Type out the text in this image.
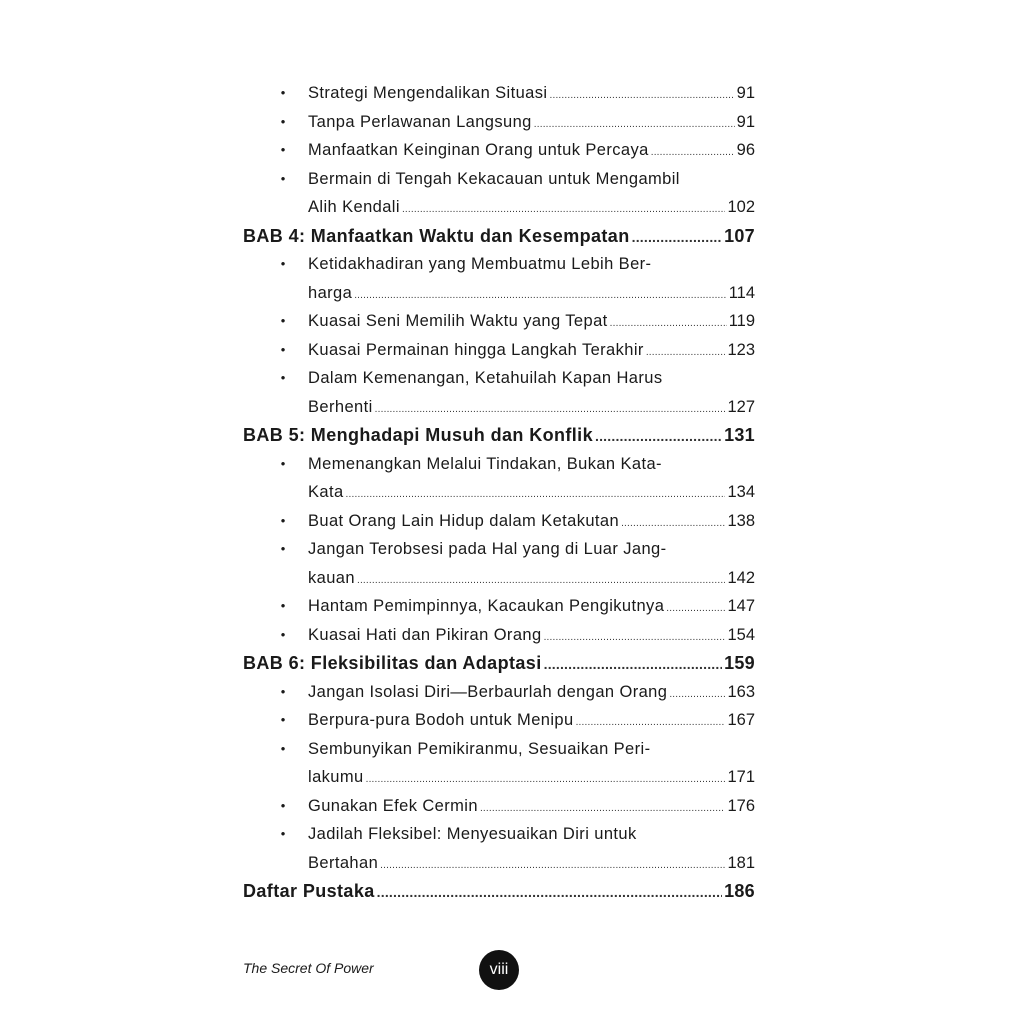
• Strategi Mengendalikan Situasi .....	91
• Tanpa Perlawanan Langsung .....	91
• Manfaatkan Keinginan Orang untuk Percaya .....	96
• Bermain di Tengah Kekacauan untuk Mengambil
Alih Kendali .....	102
BAB 4: Manfaatkan Waktu dan Kesempatan .....	107
• Ketidakhadiran yang Membuatmu Lebih Ber-
harga .....	114
• Kuasai Seni Memilih Waktu yang Tepat .....	119
• Kuasai Permainan hingga Langkah Terakhir .....	123
• Dalam Kemenangan, Ketahuilah Kapan Harus
Berhenti .....	127
BAB 5: Menghadapi Musuh dan Konflik .....	131
• Memenangkan Melalui Tindakan, Bukan Kata-
Kata .....	134
• Buat Orang Lain Hidup dalam Ketakutan .....	138
• Jangan Terobsesi pada Hal yang di Luar Jang-
kauan .....	142
• Hantam Pemimpinnya, Kacaukan Pengikutnya .....	147
• Kuasai Hati dan Pikiran Orang .....	154
BAB 6: Fleksibilitas dan Adaptasi .....	159
• Jangan Isolasi Diri—Berbaurlah dengan Orang .....	163
• Berpura-pura Bodoh untuk Menipu .....	167
• Sembunyikan Pemikiranmu, Sesuaikan Peri-
lakumu .....	171
• Gunakan Efek Cermin .....	176
• Jadilah Fleksibel: Menyesuaikan Diri untuk
Bertahan .....	181
Daftar Pustaka .....	186
The Secret Of Power	viii
